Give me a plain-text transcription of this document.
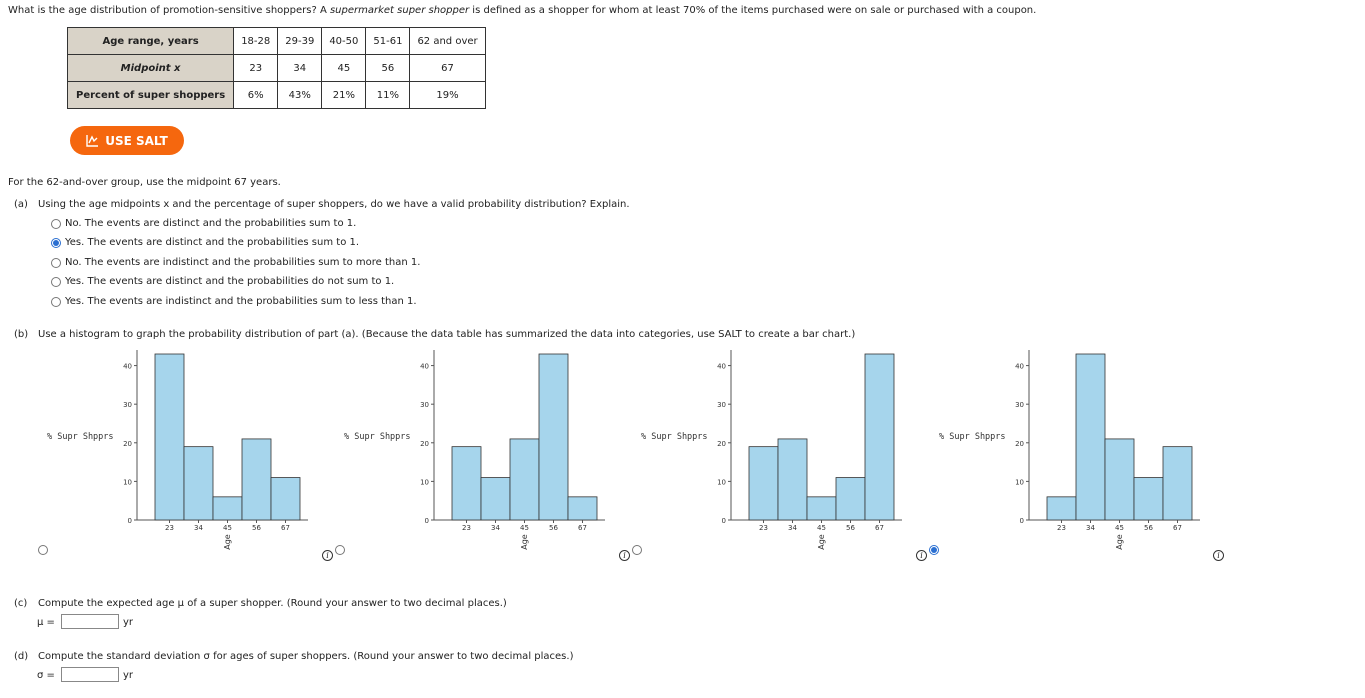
What is the age distribution of promotion-sensitive shoppers? A supermarket super shopper is defined as a shopper for whom at least 70% of the items purchased were on sale or purchased with a coupon.
Age range, years	18-28	29-39	40-50	51-61	62 and over
Midpoint x	23	34	45	56	67
Percent of super shoppers	6%	43%	21%	11%	19%
USE SALT
For the 62-and-over group, use the midpoint 67 years.
(a) Using the age midpoints x and the percentage of super shoppers, do we have a valid probability distribution? Explain.
No. The events are distinct and the probabilities sum to 1.
Yes. The events are distinct and the probabilities sum to 1.
No. The events are indistinct and the probabilities sum to more than 1.
Yes. The events are distinct and the probabilities do not sum to 1.
Yes. The events are indistinct and the probabilities sum to less than 1.
(b) Use a histogram to graph the probability distribution of part (a). (Because the data table has summarized the data into categories, use SALT to create a bar chart.)
% Supr Shpprs
0
10
20
30
40
23	34	45	56	67
Age
% Supr Shpprs
0
10
20
30
40
23	34	45	56	67
Age
% Supr Shpprs
0
10
20
30
40
23	34	45	56	67
Age
% Supr Shpprs
0
10
20
30
40
23	34	45	56	67
Age
i	i	i	i
(c) Compute the expected age μ of a super shopper. (Round your answer to two decimal places.)
μ =	yr
(d) Compute the standard deviation σ for ages of super shoppers. (Round your answer to two decimal places.)
σ =	yr
